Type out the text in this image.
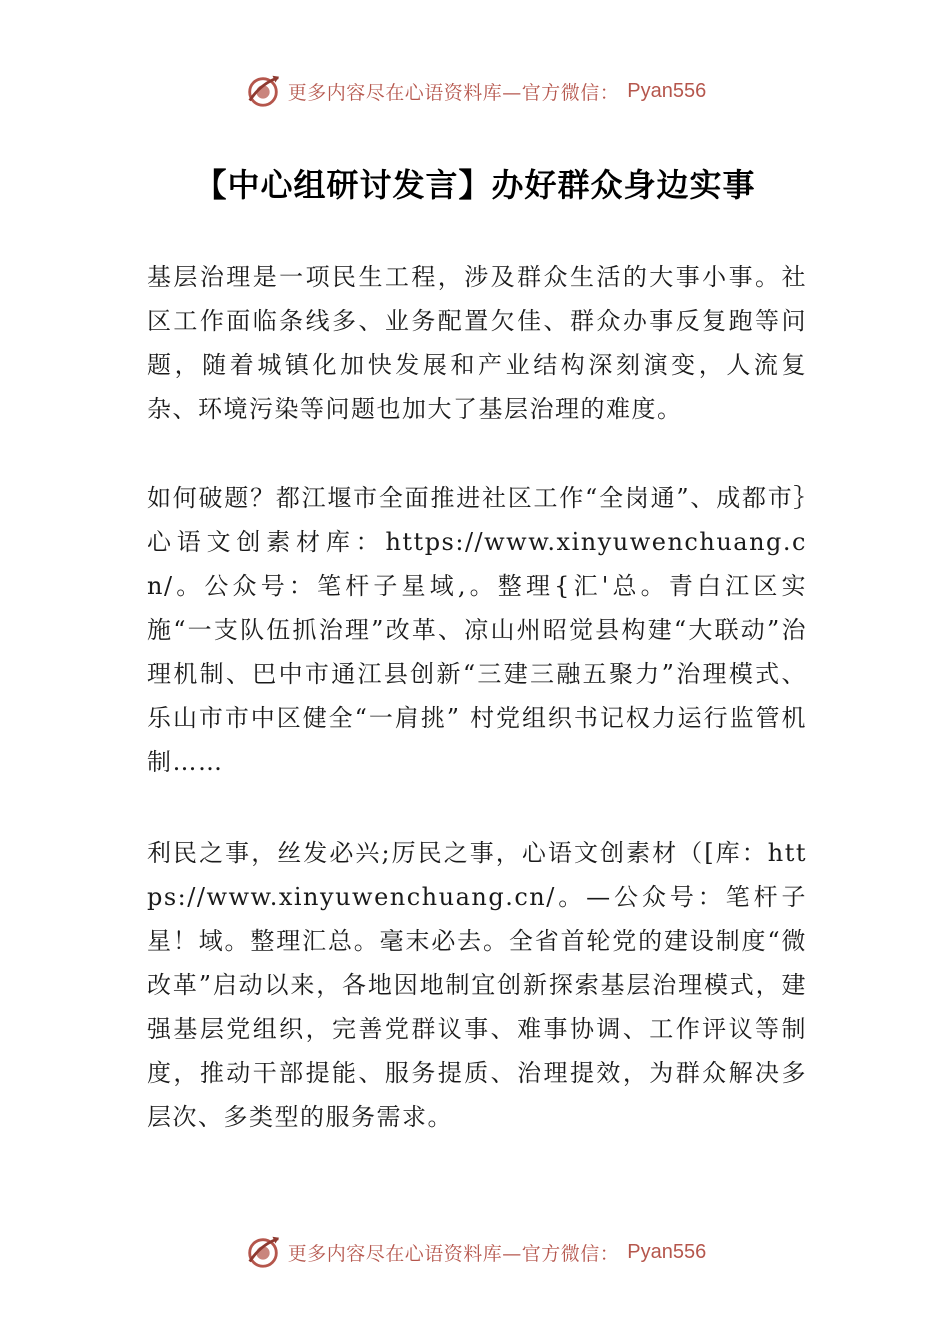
更多内容尽在心语资料库—官方微信： Pyan556
【中心组研讨发言】办好群众身边实事

基层治理是一项民生工程，涉及群众生活的大事小事。社区工作面临条线多、业务配置欠佳、群众办事反复跑等问题，随着城镇化加快发展和产业结构深刻演变，人流复杂、环境污染等问题也加大了基层治理的难度。

如何破题？都江堰市全面推进社区工作“全岗通”、成都市｝心语文创素材库：https://www.xinyuwenchuang.cn/。公众号：笔杆子星域,。整理{汇'总。青白江区实施“一支队伍抓治理”改革、凉山州昭觉县构建“大联动”治理机制、巴中市通江县创新“三建三融五聚力”治理模式、乐山市市中区健全“一肩挑” 村党组织书记权力运行监管机制……

利民之事，丝发必兴;厉民之事，心语文创素材（[库：https://www.xinyuwenchuang.cn/。—公众号：笔杆子星！域。整理汇总。毫末必去。全省首轮党的建设制度“微改革”启动以来，各地因地制宜创新探索基层治理模式，建强基层党组织，完善党群议事、难事协调、工作评议等制度，推动干部提能、服务提质、治理提效，为群众解决多层次、多类型的服务需求。

更多内容尽在心语资料库—官方微信： Pyan556
